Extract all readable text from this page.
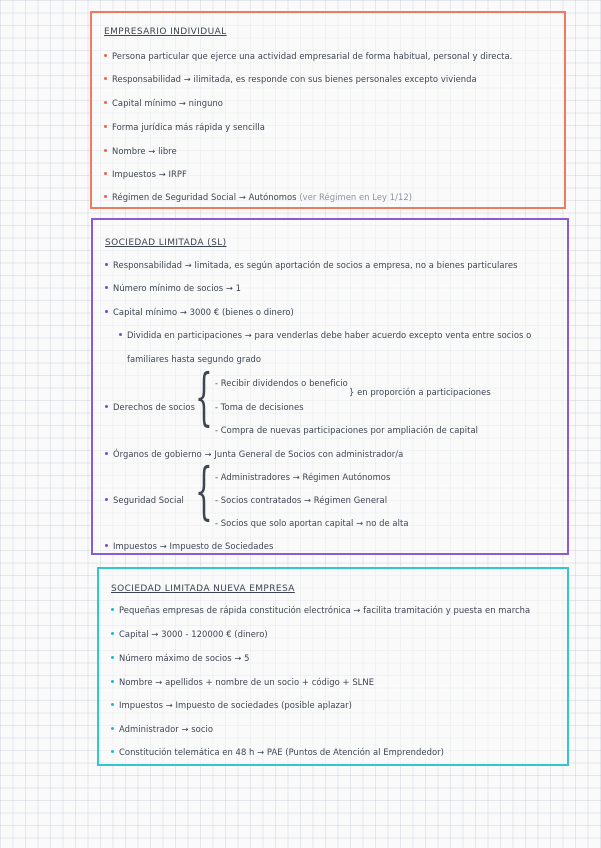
EMPRESARIO INDIVIDUAL
Persona particular que ejerce una actividad empresarial de forma habitual, personal y directa.
Responsabilidad → ilimitada, es responde con sus bienes personales excepto vivienda
Capital mínimo → ninguno
Forma jurídica más rápida y sencilla
Nombre → libre
Impuestos → IRPF
Régimen de Seguridad Social → Autónomos (ver Régimen en Ley 1/12)
SOCIEDAD LIMITADA (SL)
Responsabilidad → limitada, es según aportación de socios a empresa, no a bienes particulares
Número mínimo de socios → 1
Capital mínimo → 3000 € (bienes o dinero)
Dividida en participaciones → para venderlas debe haber acuerdo excepto venta entre socios o
familiares hasta segundo grado
- Recibir dividendos o beneficio
} en proporción a participaciones
Derechos de socios { - Toma de decisiones
- Compra de nuevas participaciones por ampliación de capital
Órganos de gobierno → Junta General de Socios con administrador/a
- Administradores → Régimen Autónomos
Seguridad Social { - Socios contratados → Régimen General
- Socios que solo aportan capital → no de alta
Impuestos → Impuesto de Sociedades
SOCIEDAD LIMITADA NUEVA EMPRESA
Pequeñas empresas de rápida constitución electrónica → facilita tramitación y puesta en marcha
Capital → 3000 - 120000 € (dinero)
Número máximo de socios → 5
Nombre → apellidos + nombre de un socio + código + SLNE
Impuestos → Impuesto de sociedades (posible aplazar)
Administrador → socio
Constitución telemática en 48 h → PAE (Puntos de Atención al Emprendedor)
